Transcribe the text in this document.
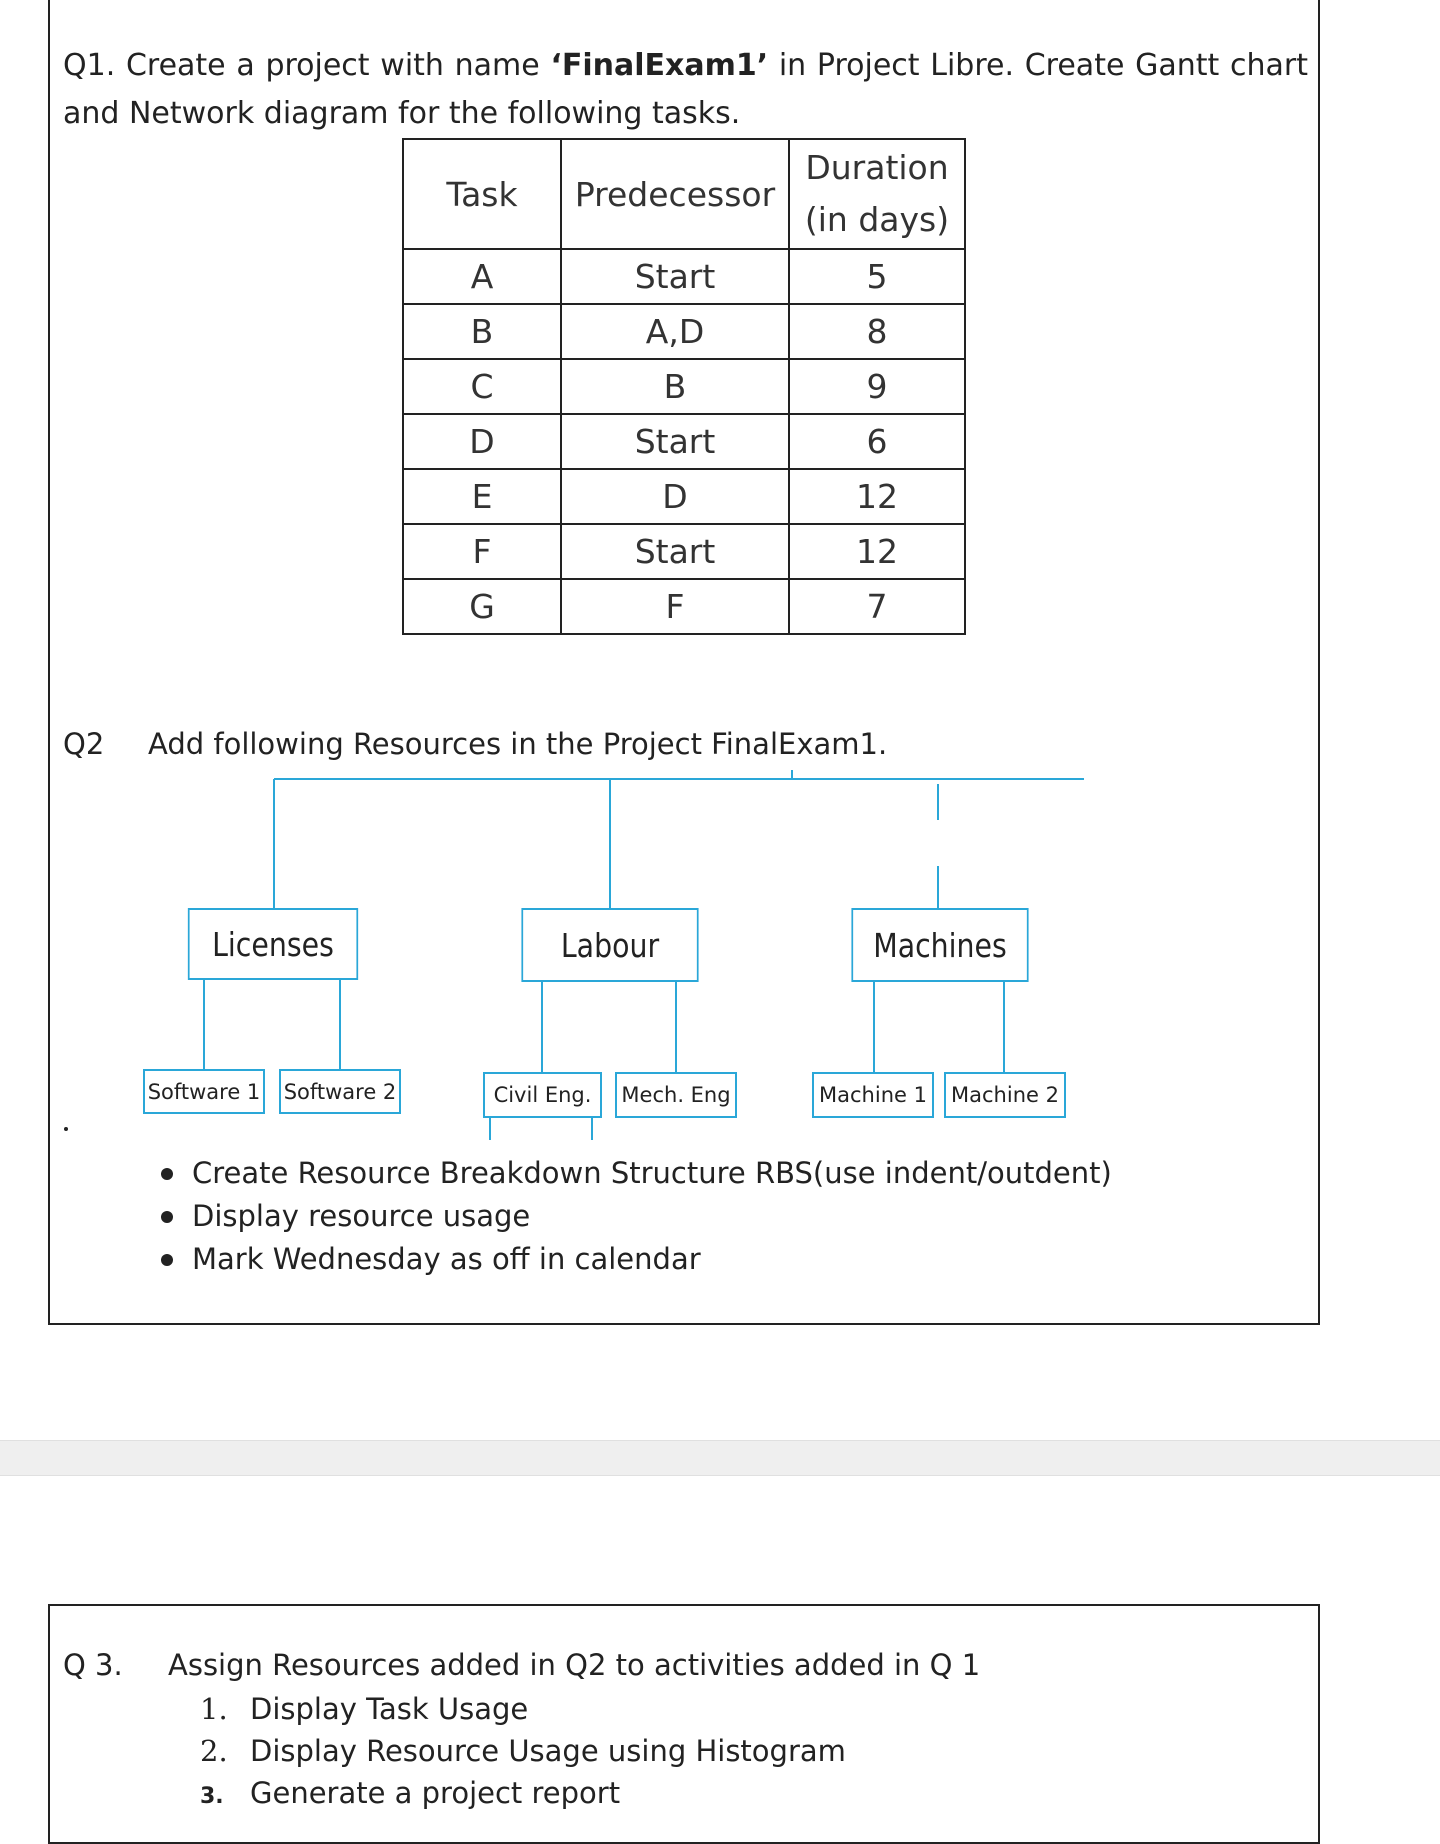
Q1. Create a project with name ‘FinalExam1’ in Project Libre. Create Gantt chart and Network diagram for the following tasks.

Task	Predecessor	Duration
(in days)

A	Start	5
B	A,D	8
C	B	9
D	Start	6
E	D	12
F	Start	12
G	F	7
Q2 Add following Resources in the Project FinalExam1.
Licenses	Labour	Machines
Software 1 Software 2	Civil Eng.	Mech. Eng	Machine 1	Machine 2
Create Resource Breakdown Structure RBS(use indent/outdent)
Display resource usage
Mark Wednesday as off in calendar
Q 3. Assign Resources added in Q2 to activities added in Q 1
1. Display Task Usage
2. Display Resource Usage using Histogram
3. Generate a project report
